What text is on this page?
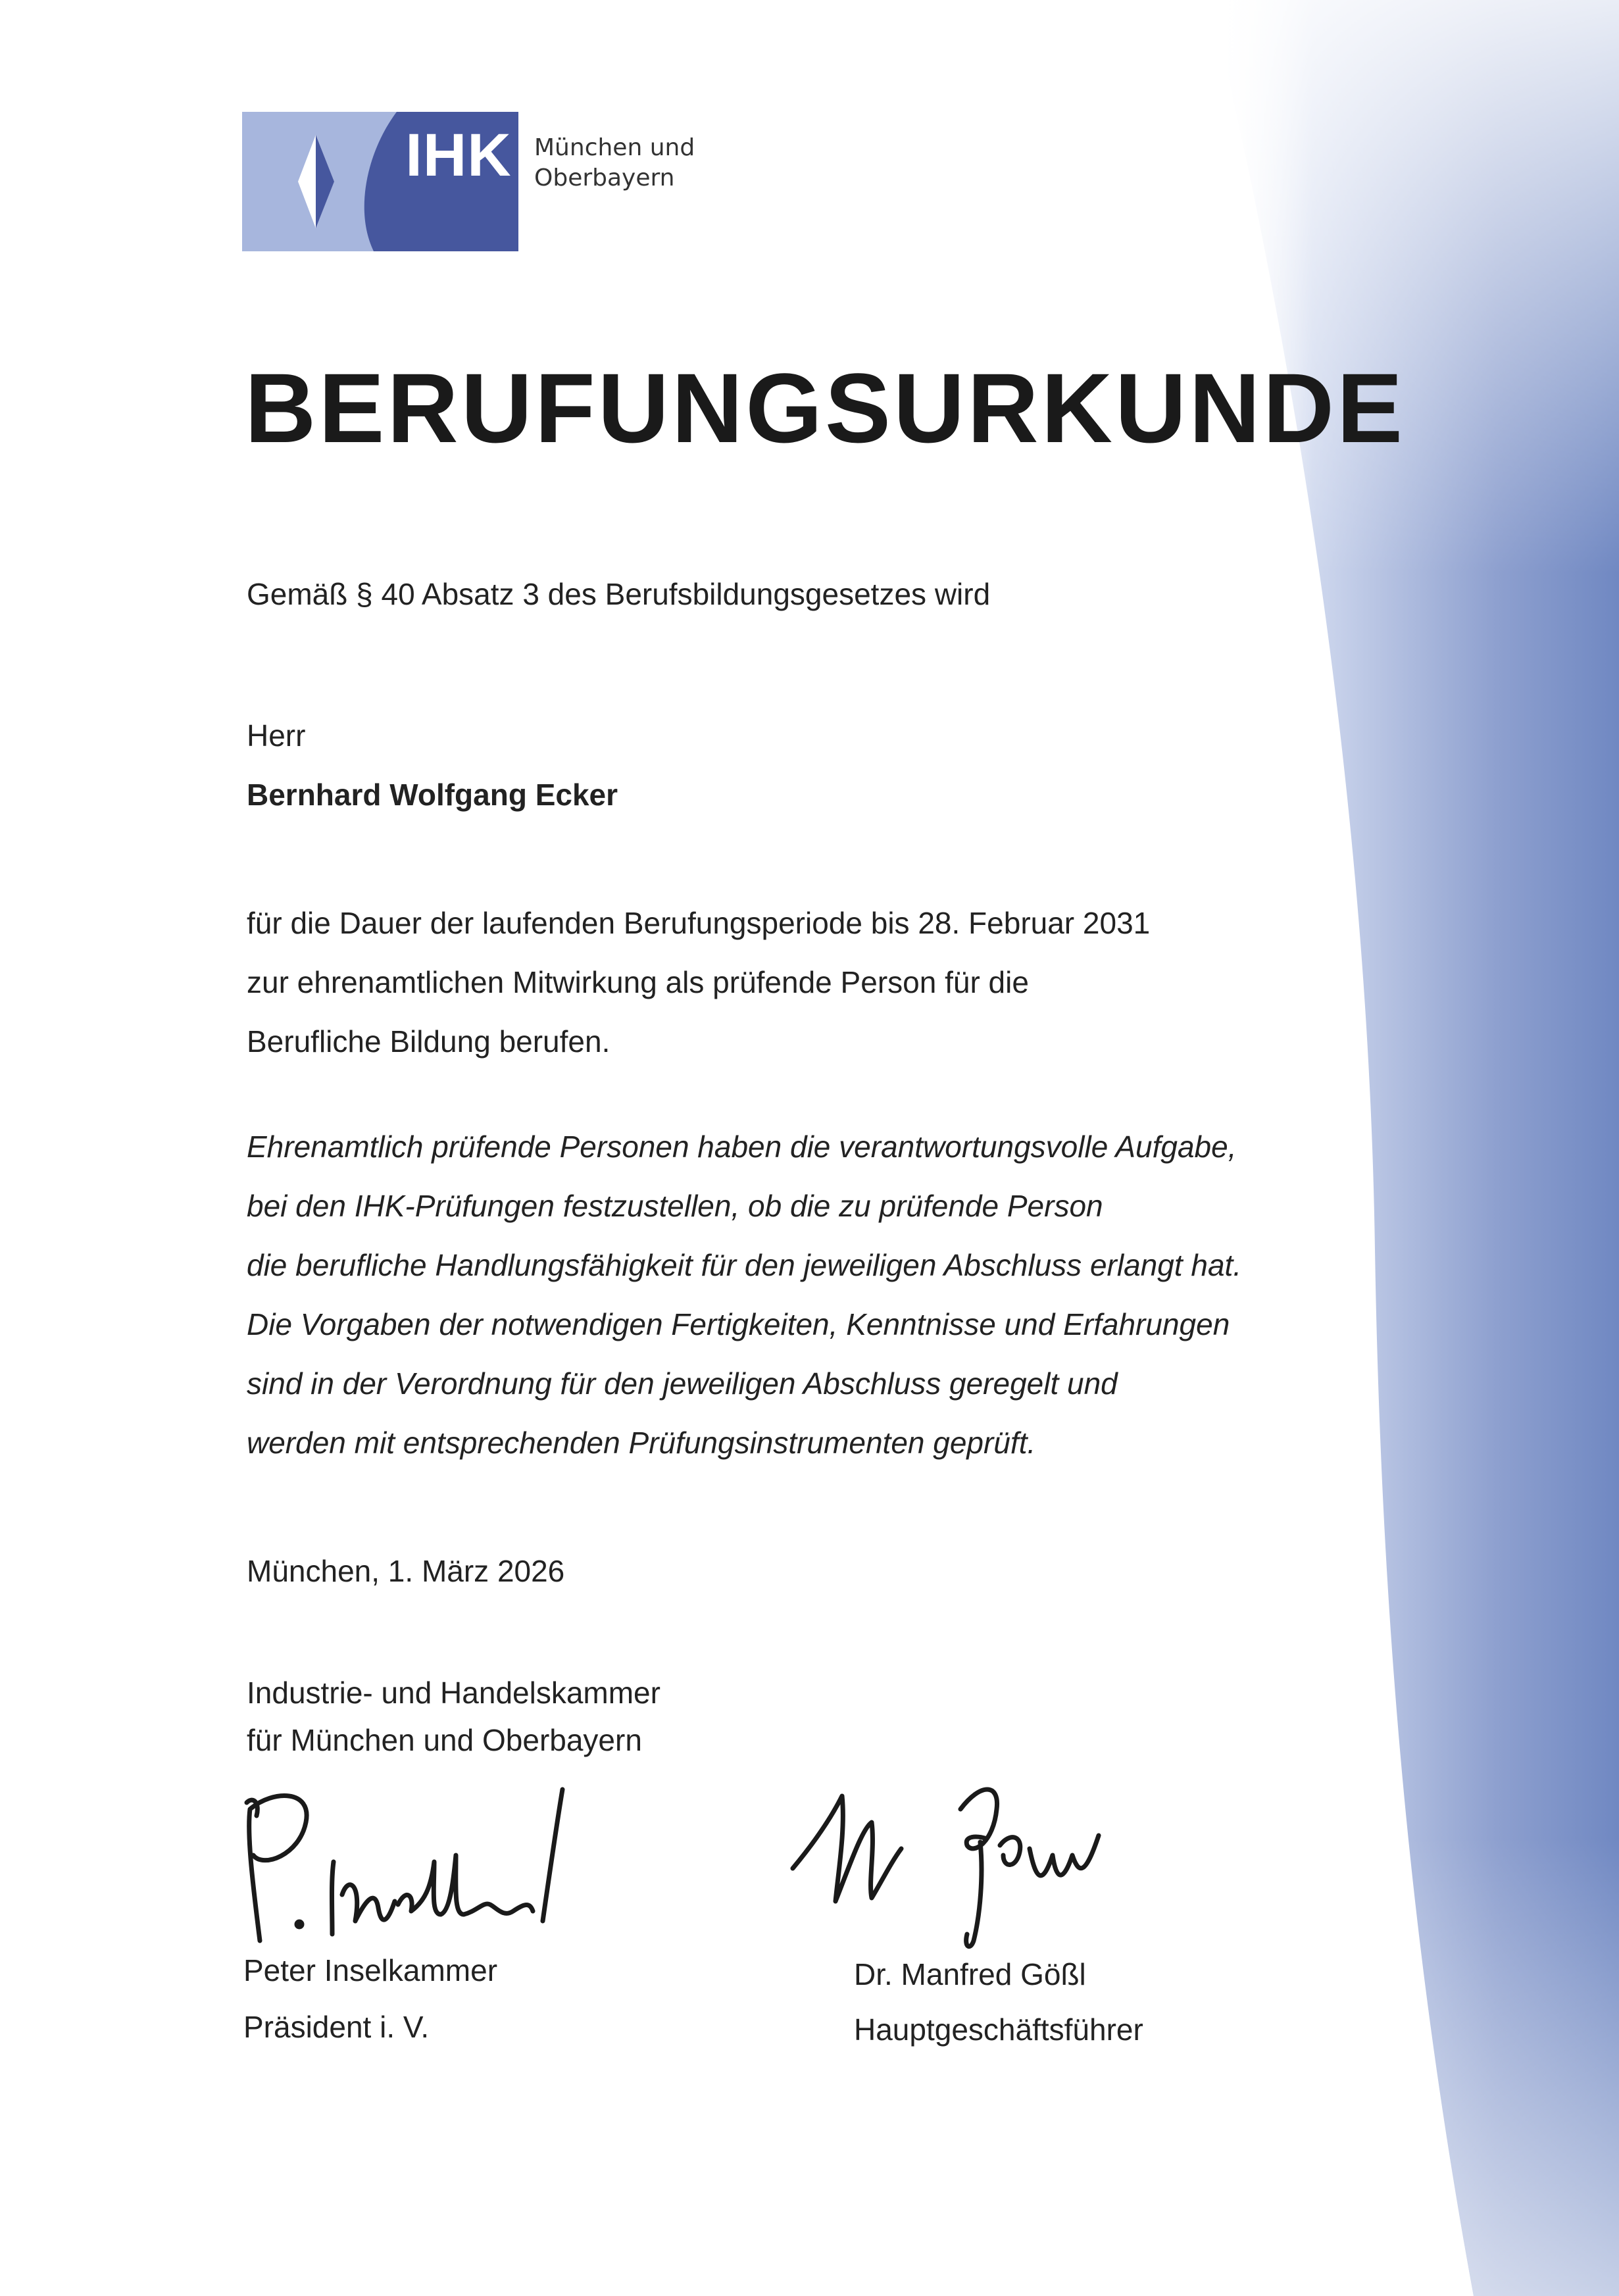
IHK München und
Oberbayern
BERUFUNGSURKUNDE
Gemäß § 40 Absatz 3 des Berufsbildungsgesetzes wird
Herr
Bernhard Wolfgang Ecker
für die Dauer der laufenden Berufungsperiode bis 28. Februar 2031
zur ehrenamtlichen Mitwirkung als prüfende Person für die
Berufliche Bildung berufen.
Ehrenamtlich prüfende Personen haben die verantwortungsvolle Aufgabe,
bei den IHK-Prüfungen festzustellen, ob die zu prüfende Person
die berufliche Handlungsfähigkeit für den jeweiligen Abschluss erlangt hat.
Die Vorgaben der notwendigen Fertigkeiten, Kenntnisse und Erfahrungen
sind in der Verordnung für den jeweiligen Abschluss geregelt und
werden mit entsprechenden Prüfungsinstrumenten geprüft.
München, 1. März 2026
Industrie- und Handelskammer
für München und Oberbayern
Peter Inselkammer
Präsident i. V.
Dr. Manfred Gößl
Hauptgeschäftsführer
